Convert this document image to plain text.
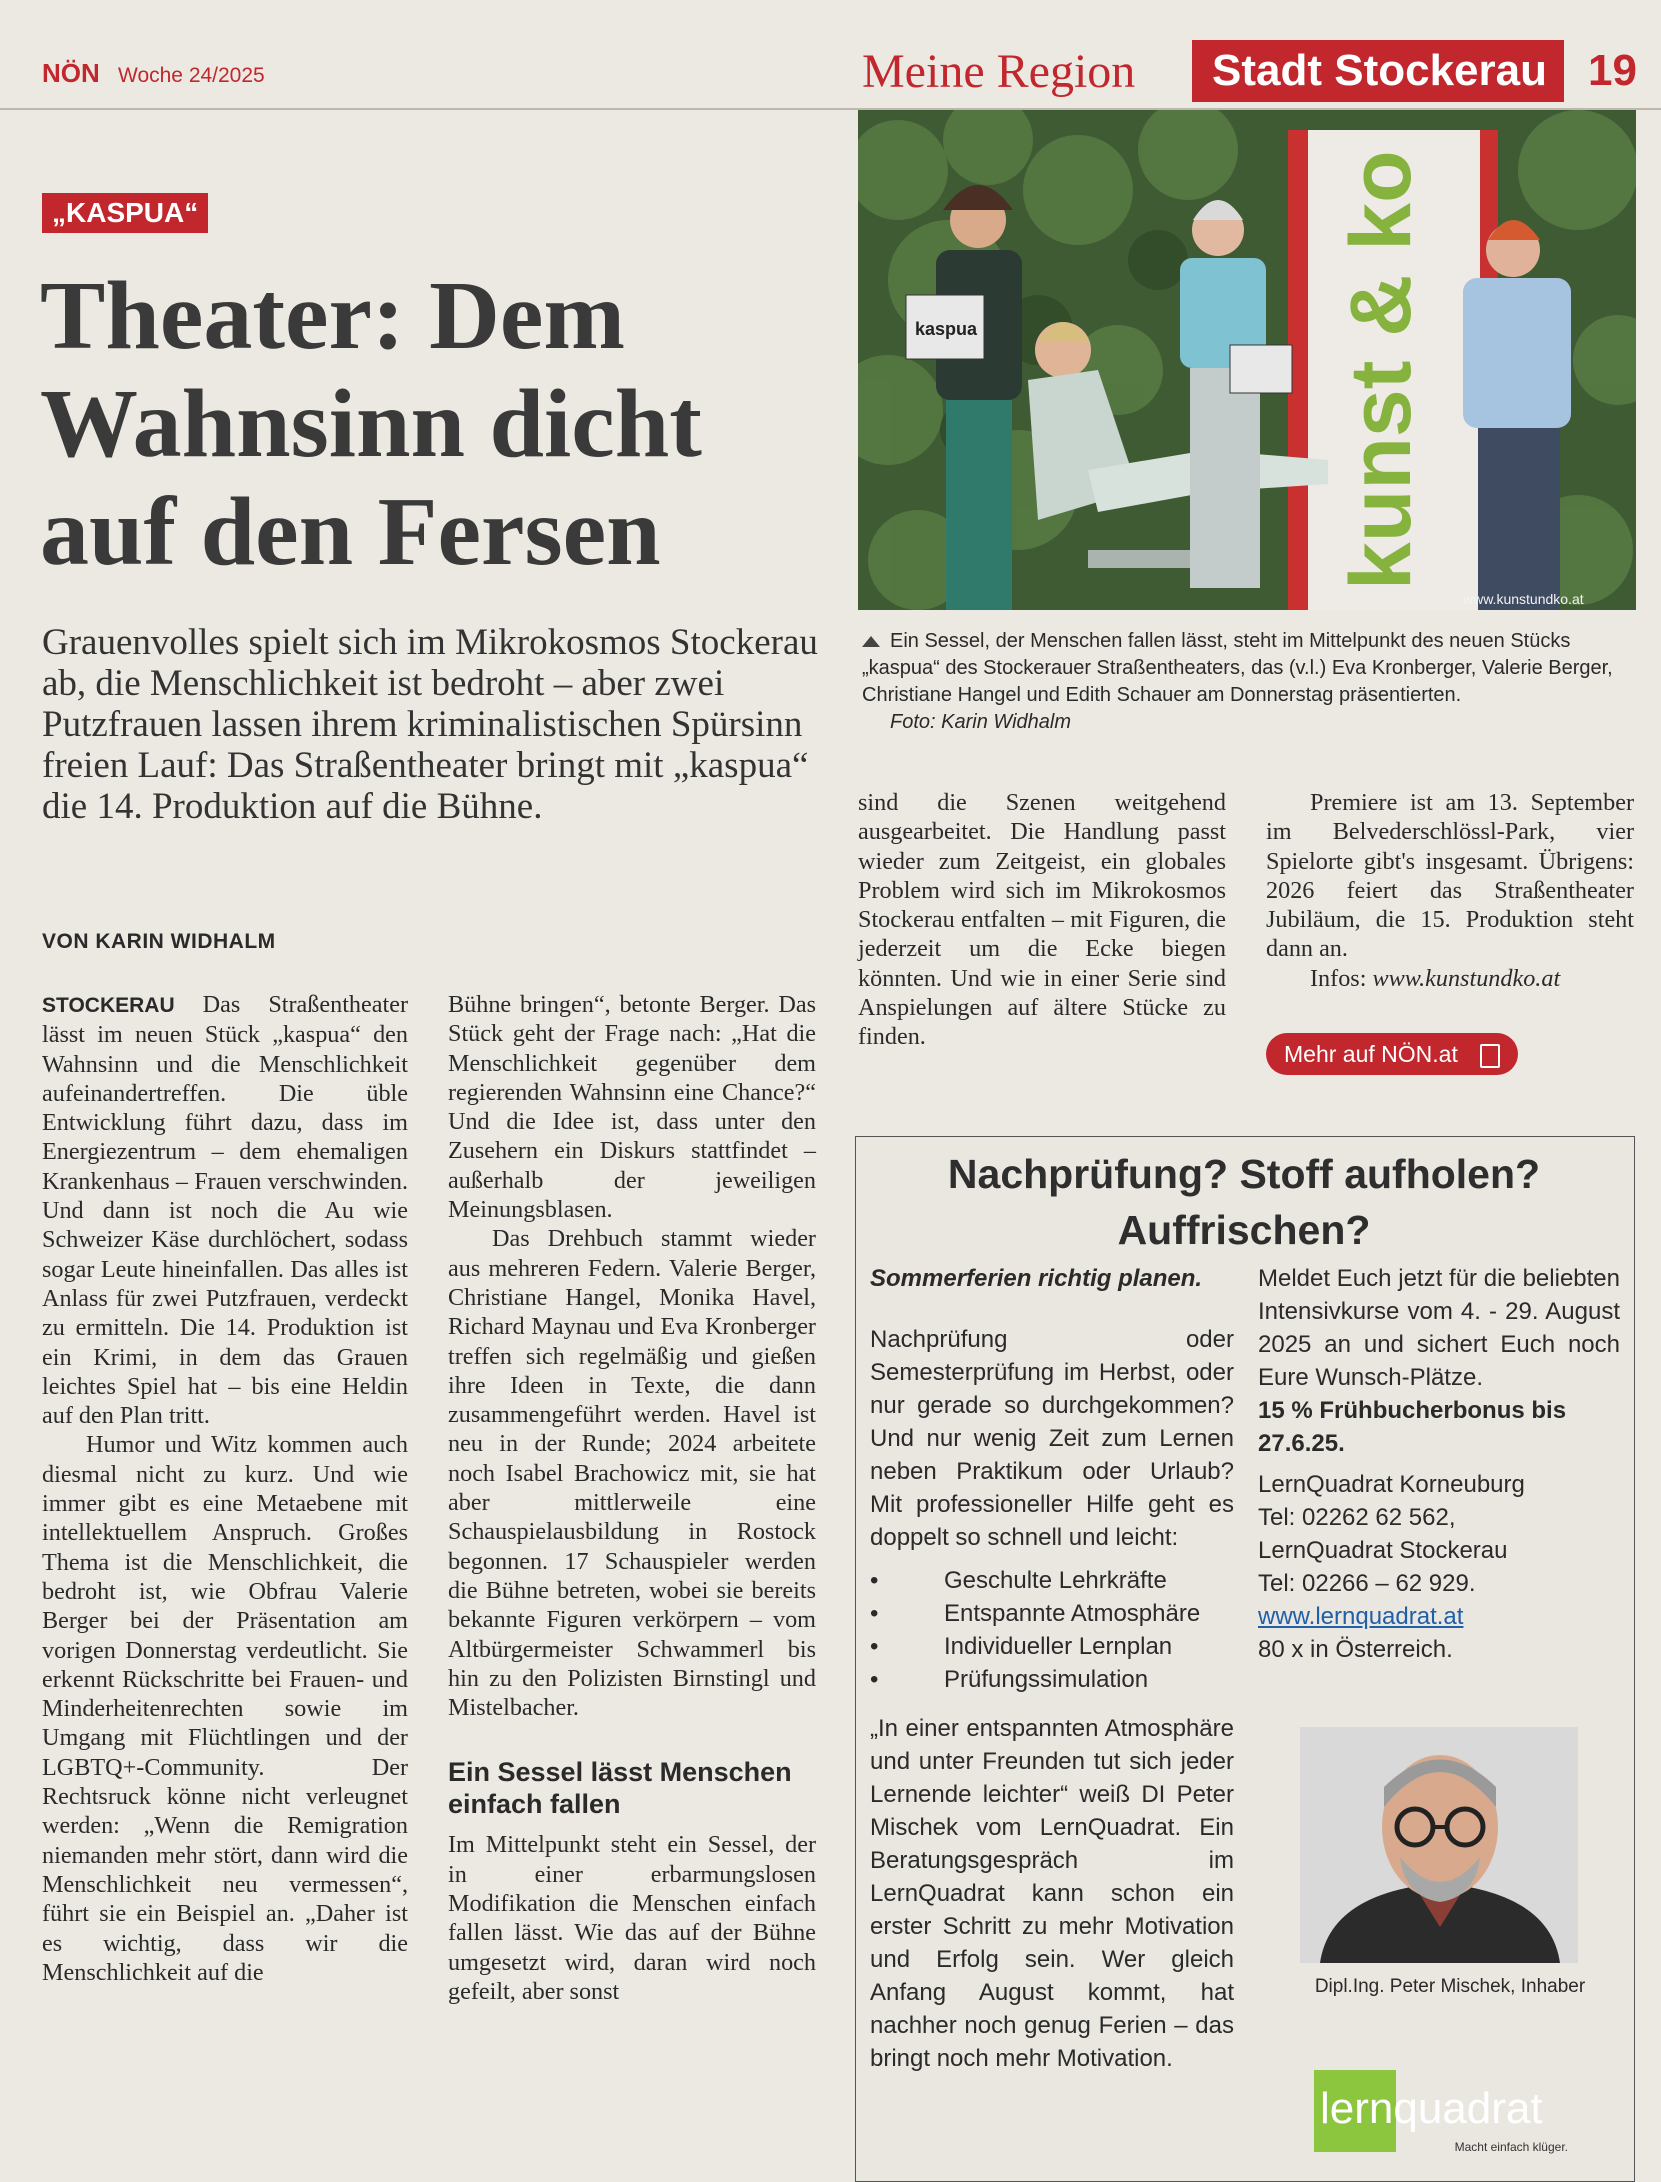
NÖN Woche 24/2025	Meine Region Stadt Stockerau 19
„KASPUA“
Theater: Dem Wahnsinn dicht auf den Fersen
Grauenvolles spielt sich im Mikrokosmos Stockerau ab, die Menschlichkeit ist bedroht – aber zwei Putzfrauen lassen ihrem kriminalistischen Spürsinn freien Lauf: Das Straßentheater bringt mit „kaspua“ die 14. Produktion auf die Bühne.
VON KARIN WIDHALM

STOCKERAU Das Straßentheater lässt im neuen Stück „kaspua“ den Wahnsinn und die Menschlichkeit aufeinandertreffen. Die üble Entwicklung führt dazu, dass im Energiezentrum – dem ehemaligen Krankenhaus – Frauen verschwinden. Und dann ist noch die Au wie Schweizer Käse durchlöchert, sodass sogar Leute hineinfallen. Das alles ist Anlass für zwei Putzfrauen, verdeckt zu ermitteln. Die 14. Produktion ist ein Krimi, in dem das Grauen leichtes Spiel hat – bis eine Heldin auf den Plan tritt.

Humor und Witz kommen auch diesmal nicht zu kurz. Und wie immer gibt es eine Metaebene mit intellektuellem Anspruch. Großes Thema ist die Menschlichkeit, die bedroht ist, wie Obfrau Valerie Berger bei der Präsentation am vorigen Donnerstag verdeutlicht. Sie erkennt Rückschritte bei Frauen- und Minderheitenrechten sowie im Umgang mit Flüchtlingen und der LGBTQ+-Community. Der Rechtsruck könne nicht verleugnet werden: „Wenn die Remigration niemanden mehr stört, dann wird die Menschlichkeit neu vermessen“, führt sie ein Beispiel an. „Daher ist es wichtig, dass wir die Menschlichkeit auf die

Bühne bringen“, betonte Berger. Das Stück geht der Frage nach: „Hat die Menschlichkeit gegenüber dem regierenden Wahnsinn eine Chance?“ Und die Idee ist, dass unter den Zusehern ein Diskurs stattfindet – außerhalb der jeweiligen Meinungsblasen.

Das Drehbuch stammt wieder aus mehreren Federn. Valerie Berger, Christiane Hangel, Monika Havel, Richard Maynau und Eva Kronberger treffen sich regelmäßig und gießen ihre Ideen in Texte, die dann zusammengeführt werden. Havel ist neu in der Runde; 2024 arbeitete noch Isabel Brachowicz mit, sie hat aber mittlerweile eine Schauspielausbildung in Rostock begonnen. 17 Schauspieler werden die Bühne betreten, wobei sie bereits bekannte Figuren verkörpern – vom Altbürgermeister Schwammerl bis hin zu den Polizisten Birnstingl und Mistelbacher.

Ein Sessel lässt Menschen einfach fallen

Im Mittelpunkt steht ein Sessel, der in einer erbarmungslosen Modifikation die Menschen einfach fallen lässt. Wie das auf der Bühne umgesetzt wird, daran wird noch gefeilt, aber sonst

sind die Szenen weitgehend ausgearbeitet. Die Handlung passt wieder zum Zeitgeist, ein globales Problem wird sich im Mikrokosmos Stockerau entfalten – mit Figuren, die jederzeit um die Ecke biegen könnten. Und wie in einer Serie sind Anspielungen auf ältere Stücke zu finden.

Premiere ist am 13. September im Belvederschlössl-Park, vier Spielorte gibt's insgesamt. Übrigens: 2026 feiert das Straßentheater Jubiläum, die 15. Produktion steht dann an.

Infos: www.kunstundko.at

Mehr auf NÖN.at
kunst & ko
kaspua
www.kunstundko.at
Ein Sessel, der Menschen fallen lässt, steht im Mittelpunkt des neuen Stücks „kaspua“ des Stockerauer Straßentheaters, das (v.l.) Eva Kronberger, Valerie Berger, Christiane Hangel und Edith Schauer am Donnerstag präsentierten.
Foto: Karin Widhalm
Nachprüfung? Stoff aufholen? Auffrischen?

Sommerferien richtig planen.

Nachprüfung oder Semesterprüfung im Herbst, oder nur gerade so durchgekommen? Und nur wenig Zeit zum Lernen neben Praktikum oder Urlaub? Mit professioneller Hilfe geht es doppelt so schnell und leicht:

• Geschulte Lehrkräfte
• Entspannte Atmosphäre
• Individueller Lernplan
• Prüfungssimulation

„In einer entspannten Atmosphäre und unter Freunden tut sich jeder Lernende leichter“ weiß DI Peter Mischek vom LernQuadrat. Ein Beratungsgespräch im LernQuadrat kann schon ein erster Schritt zu mehr Motivation und Erfolg sein. Wer gleich Anfang August kommt, hat nachher noch genug Ferien – das bringt noch mehr Motivation.

Meldet Euch jetzt für die beliebten Intensivkurse vom 4. - 29. August 2025 an und sichert Euch noch Eure Wunsch-Plätze.

15 % Frühbucherbonus bis 27.6.25.

LernQuadrat Korneuburg

Tel: 02262 62 562,

LernQuadrat Stockerau

Tel: 02266 – 62 929.

www.lernquadrat.at

80 x in Österreich.

Dipl.Ing. Peter Mischek, Inhaber
lernquadrat
Macht einfach klüger.
